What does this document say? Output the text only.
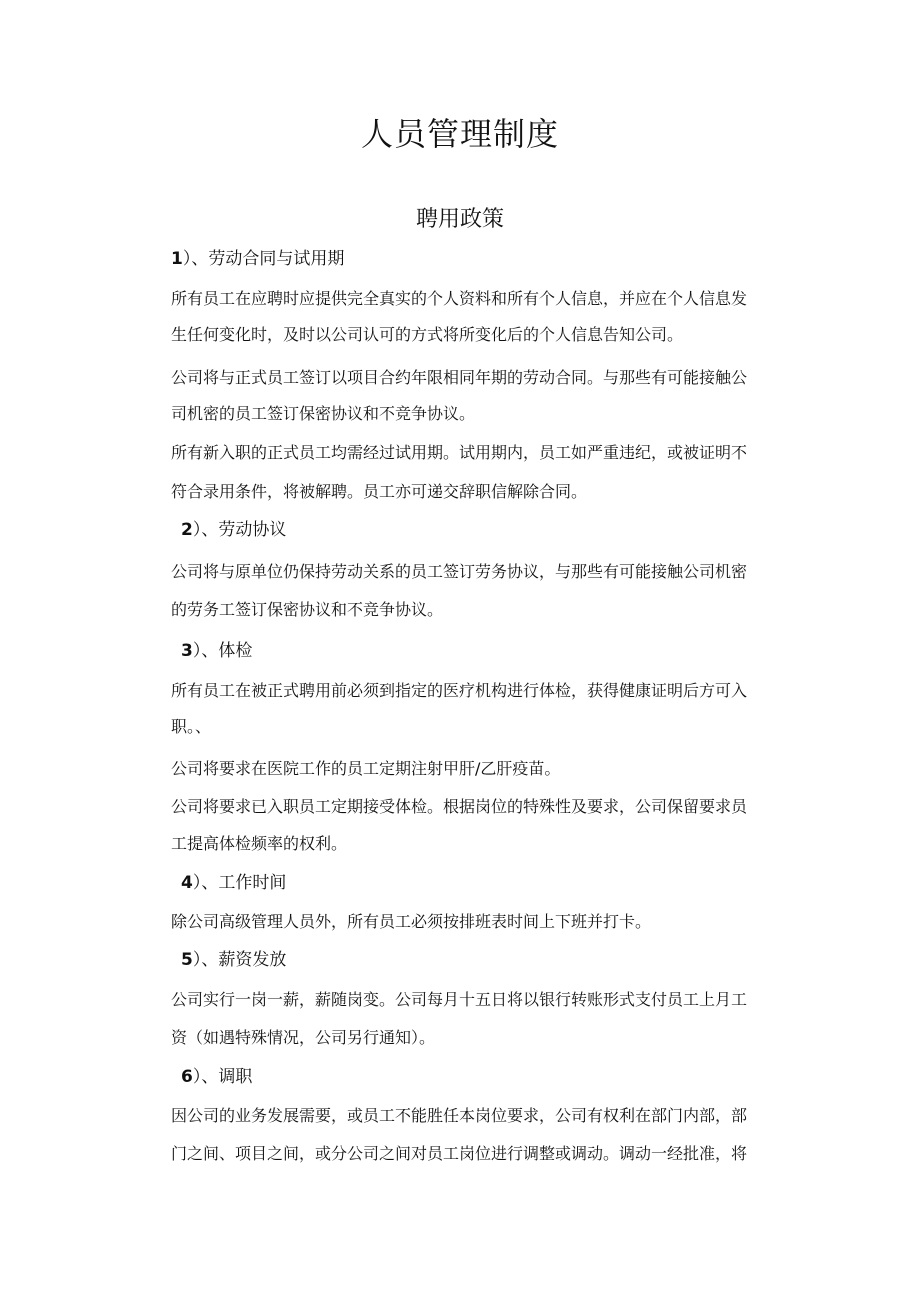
人员管理制度
聘用政策
1）、劳动合同与试用期
所有员工在应聘时应提供完全真实的个人资料和所有个人信息，并应在个人信息发
生任何变化时，及时以公司认可的方式将所变化后的个人信息告知公司。
公司将与正式员工签订以项目合约年限相同年期的劳动合同。与那些有可能接触公
司机密的员工签订保密协议和不竞争协议。
所有新入职的正式员工均需经过试用期。试用期内，员工如严重违纪，或被证明不
符合录用条件，将被解聘。员工亦可递交辞职信解除合同。
2）、劳动协议
公司将与原单位仍保持劳动关系的员工签订劳务协议，与那些有可能接触公司机密
的劳务工签订保密协议和不竞争协议。
3）、体检
所有员工在被正式聘用前必须到指定的医疗机构进行体检，获得健康证明后方可入
职。、
公司将要求在医院工作的员工定期注射甲肝/乙肝疫苗。
公司将要求已入职员工定期接受体检。根据岗位的特殊性及要求，公司保留要求员
工提高体检频率的权利。
4）、工作时间
除公司高级管理人员外，所有员工必须按排班表时间上下班并打卡。
5）、薪资发放
公司实行一岗一薪，薪随岗变。公司每月十五日将以银行转账形式支付员工上月工
资（如遇特殊情况，公司另行通知）。
6）、调职
因公司的业务发展需要，或员工不能胜任本岗位要求，公司有权利在部门内部，部
门之间、项目之间，或分公司之间对员工岗位进行调整或调动。调动一经批准，将
